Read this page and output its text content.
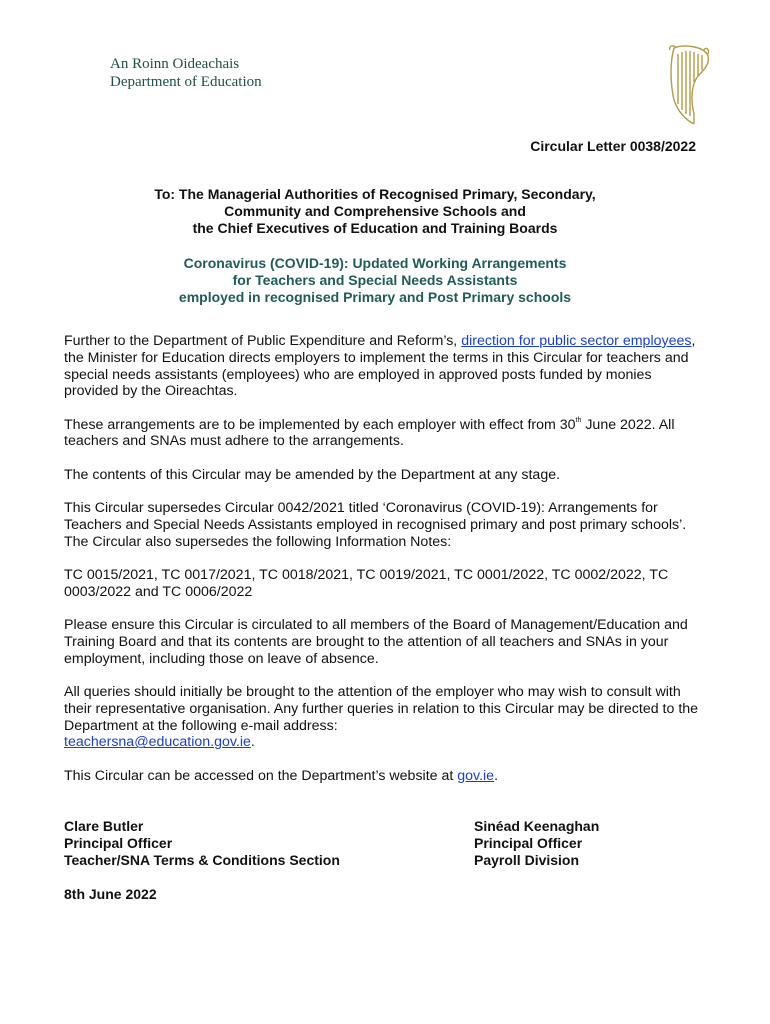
An Roinn Oideachais
Department of Education
Circular Letter 0038/2022
To: The Managerial Authorities of Recognised Primary, Secondary,
Community and Comprehensive Schools and
the Chief Executives of Education and Training Boards
Coronavirus (COVID-19): Updated Working Arrangements
for Teachers and Special Needs Assistants
employed in recognised Primary and Post Primary schools

Further to the Department of Public Expenditure and Reform’s, direction for public sector employees, the Minister for Education directs employers to implement the terms in this Circular for teachers and special needs assistants (employees) who are employed in approved posts funded by monies provided by the Oireachtas.

These arrangements are to be implemented by each employer with effect from 30th June 2022. All teachers and SNAs must adhere to the arrangements.

The contents of this Circular may be amended by the Department at any stage.

This Circular supersedes Circular 0042/2021 titled ‘Coronavirus (COVID-19): Arrangements for Teachers and Special Needs Assistants employed in recognised primary and post primary schools’. The Circular also supersedes the following Information Notes:

TC 0015/2021, TC 0017/2021, TC 0018/2021, TC 0019/2021, TC 0001/2022, TC 0002/2022, TC 0003/2022 and TC 0006/2022

Please ensure this Circular is circulated to all members of the Board of Management/Education and Training Board and that its contents are brought to the attention of all teachers and SNAs in your employment, including those on leave of absence.

All queries should initially be brought to the attention of the employer who may wish to consult with their representative organisation. Any further queries in relation to this Circular may be directed to the Department at the following e-mail address:
teachersna@education.gov.ie.

This Circular can be accessed on the Department’s website at gov.ie.

Clare Butler
Principal Officer
Teacher/SNA Terms & Conditions Section
Sinéad Keenaghan
Principal Officer
Payroll Division
8th June 2022
